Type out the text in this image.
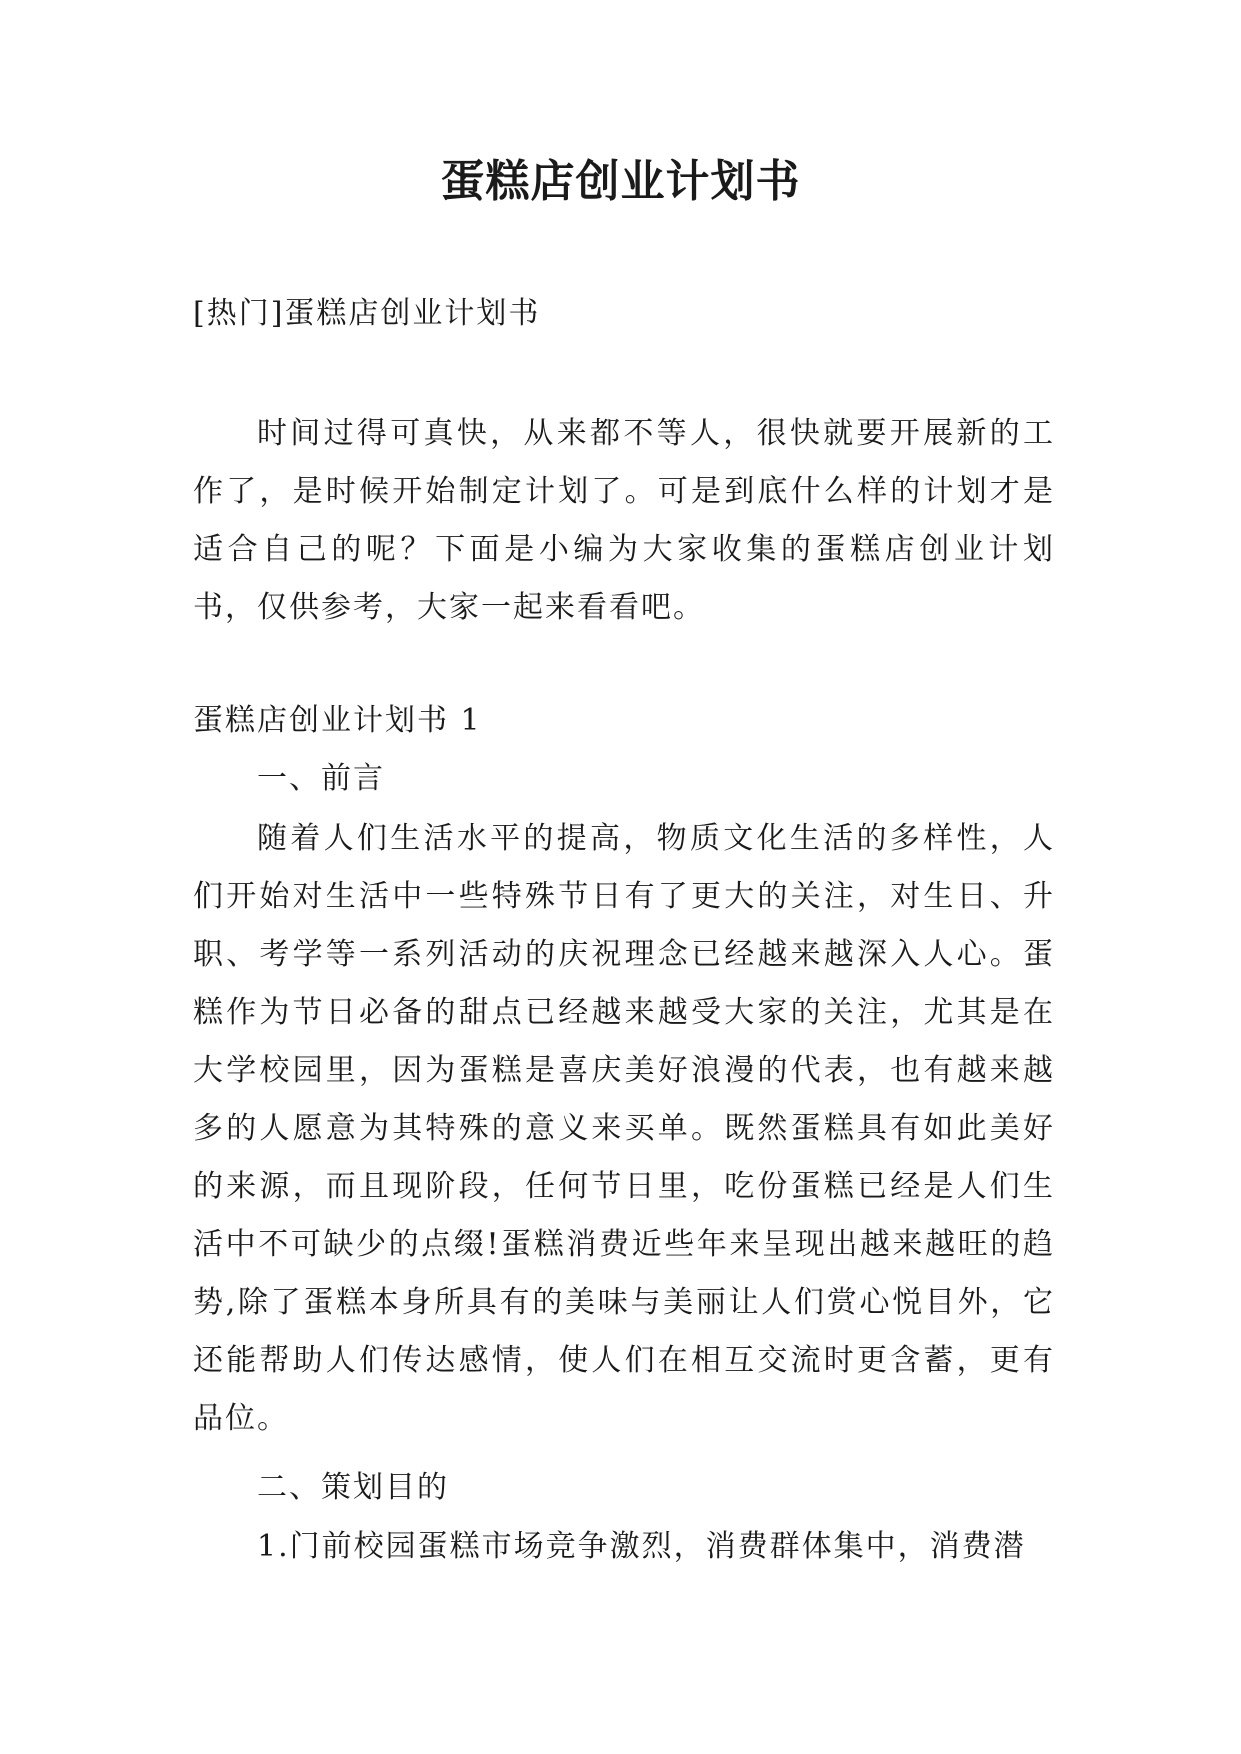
蛋糕店创业计划书

[热门]蛋糕店创业计划书

时间过得可真快，从来都不等人，很快就要开展新的工作了，是时候开始制定计划了。可是到底什么样的计划才是适合自己的呢？下面是小编为大家收集的蛋糕店创业计划书，仅供参考，大家一起来看看吧。

蛋糕店创业计划书 1

一、前言

随着人们生活水平的提高，物质文化生活的多样性，人们开始对生活中一些特殊节日有了更大的关注，对生日、升职、考学等一系列活动的庆祝理念已经越来越深入人心。蛋糕作为节日必备的甜点已经越来越受大家的关注，尤其是在大学校园里，因为蛋糕是喜庆美好浪漫的代表，也有越来越多的人愿意为其特殊的意义来买单。既然蛋糕具有如此美好的来源，而且现阶段，任何节日里，吃份蛋糕已经是人们生活中不可缺少的点缀!蛋糕消费近些年来呈现出越来越旺的趋势,除了蛋糕本身所具有的美味与美丽让人们赏心悦目外，它还能帮助人们传达感情，使人们在相互交流时更含蓄，更有品位。

二、策划目的

1.门前校园蛋糕市场竞争激烈，消费群体集中，消费潜
